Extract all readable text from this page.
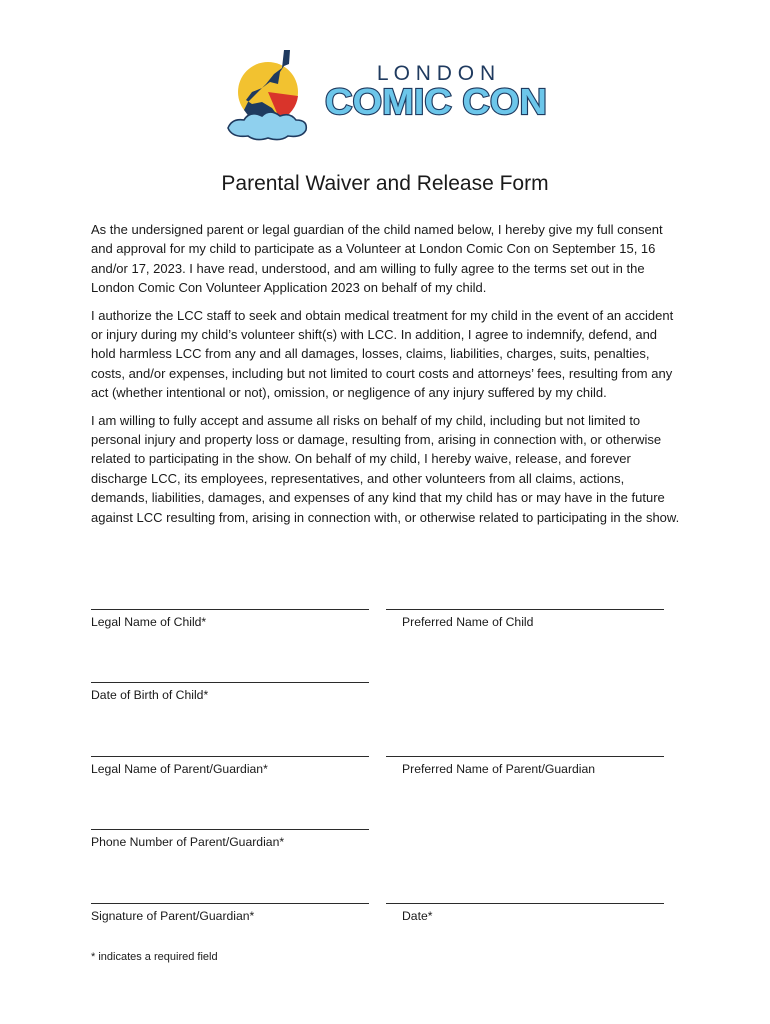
L O N D O N
COMIC CON
Parental Waiver and Release Form

As the undersigned parent or legal guardian of the child named below, I hereby give my full consent and approval for my child to participate as a Volunteer at London Comic Con on September 15, 16 and/or 17, 2023. I have read, understood, and am willing to fully agree to the terms set out in the London Comic Con Volunteer Application 2023 on behalf of my child.

I authorize the LCC staff to seek and obtain medical treatment for my child in the event of an accident or injury during my child’s volunteer shift(s) with LCC. In addition, I agree to indemnify, defend, and hold harmless LCC from any and all damages, losses, claims, liabilities, charges, suits, penalties, costs, and/or expenses, including but not limited to court costs and attorneys’ fees, resulting from any act (whether intentional or not), omission, or negligence of any injury suffered by my child.

I am willing to fully accept and assume all risks on behalf of my child, including but not limited to personal injury and property loss or damage, resulting from, arising in connection with, or otherwise related to participating in the show. On behalf of my child, I hereby waive, release, and forever discharge LCC, its employees, representatives, and other volunteers from all claims, actions, demands, liabilities, damages, and expenses of any kind that my child has or may have in the future against LCC resulting from, arising in connection with, or otherwise related to participating in the show.

Legal Name of Child*	Preferred Name of Child
Date of Birth of Child*
Legal Name of Parent/Guardian*	Preferred Name of Parent/Guardian
Phone Number of Parent/Guardian*
Signature of Parent/Guardian*	Date*
* indicates a required field
